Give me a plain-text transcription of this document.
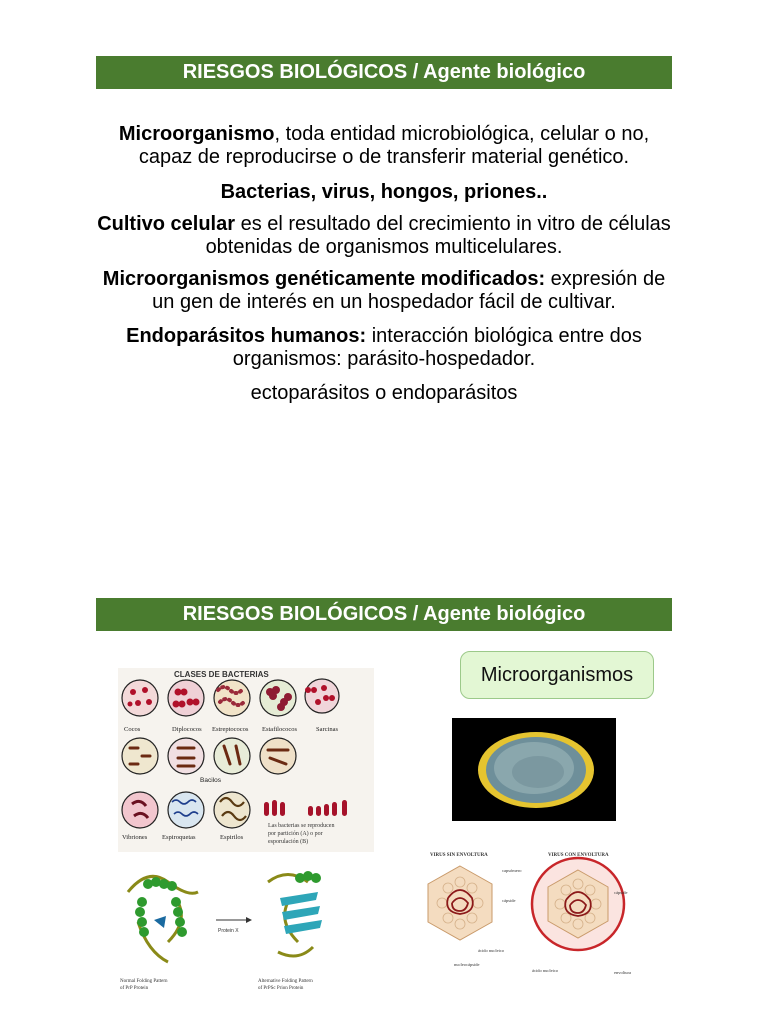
RIESGOS BIOLÓGICOS / Agente biológico
Microorganismo, toda entidad microbiológica, celular o no,
capaz de reproducirse o de transferir material genético.
Bacterias, virus, hongos, priones..
Cultivo celular es el resultado del crecimiento in vitro de células
obtenidas de organismos multicelulares.
Microorganismos genéticamente modificados: expresión de
un gen de interés en un hospedador fácil de cultivar.
Endoparásitos humanos: interacción biológica entre dos
organismos: parásito-hospedador.
ectoparásitos o endoparásitos
RIESGOS BIOLÓGICOS / Agente biológico
Microorganismos
CLASES DE BACTERIAS
Cocos	Diplococos Estreptococos Estafilococos	Sarcinas
Bacilos
Vibriones Espiroquetas	Espirilos
Las bacterias se reproducen
por partición (A) o por
esporulación (B)
Protein X
Normal Folding Pattern
of PrP Protein
Alternative Folding Pattern
of PrPSc Prion Protein
VIRUS SIN ENVOLTURA	VIRUS CON ENVOLTURA
capsómero
cápside
ácido nucleico
nucleocápside
cápside
ácido nucleico	envoltura
